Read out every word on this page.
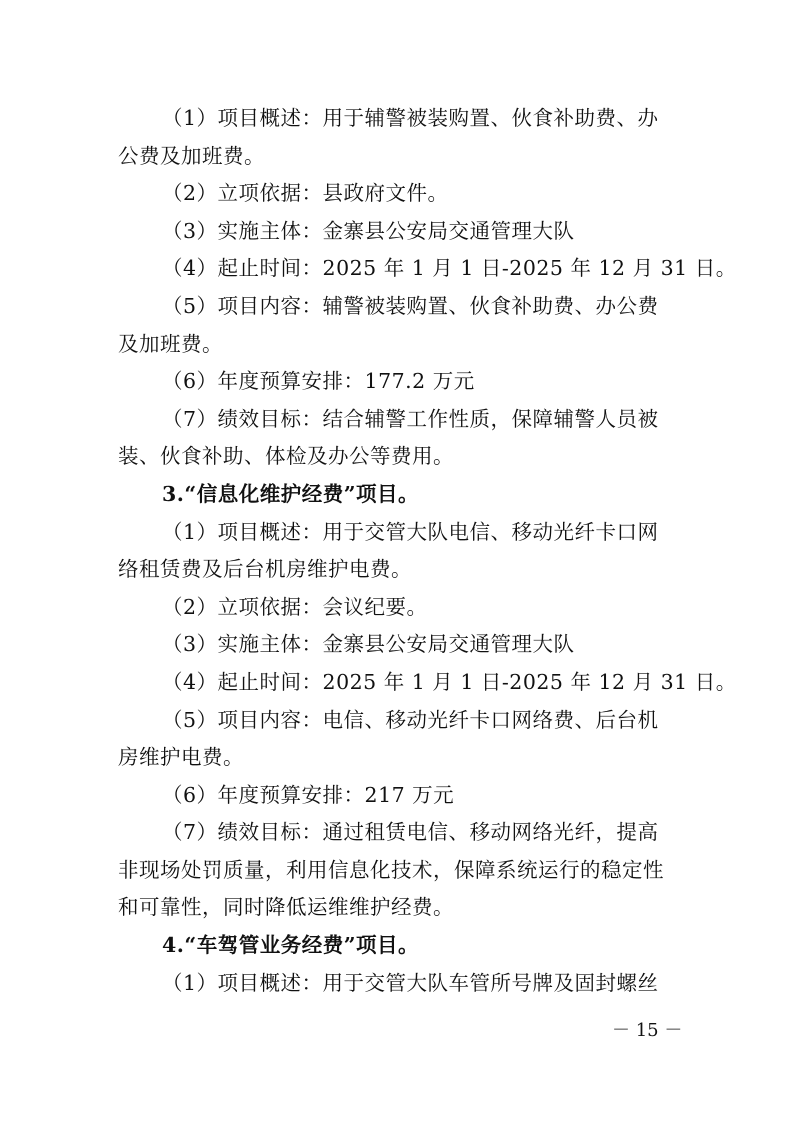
（1）项目概述：用于辅警被装购置、伙食补助费、办
公费及加班费。
（2）立项依据：县政府文件。
（3）实施主体：金寨县公安局交通管理大队
（4）起止时间：2025 年 1 月 1 日-2025 年 12 月 31 日。
（5）项目内容：辅警被装购置、伙食补助费、办公费
及加班费。
（6）年度预算安排：177.2 万元
（7）绩效目标：结合辅警工作性质，保障辅警人员被
装、伙食补助、体检及办公等费用。
3.“信息化维护经费”项目。
（1）项目概述：用于交管大队电信、移动光纤卡口网
络租赁费及后台机房维护电费。
（2）立项依据：会议纪要。
（3）实施主体：金寨县公安局交通管理大队
（4）起止时间：2025 年 1 月 1 日-2025 年 12 月 31 日。
（5）项目内容：电信、移动光纤卡口网络费、后台机
房维护电费。
（6）年度预算安排：217 万元
（7）绩效目标：通过租赁电信、移动网络光纤，提高
非现场处罚质量，利用信息化技术，保障系统运行的稳定性
和可靠性，同时降低运维维护经费。
4.“车驾管业务经费”项目。
（1）项目概述：用于交管大队车管所号牌及固封螺丝
－ 15 －
